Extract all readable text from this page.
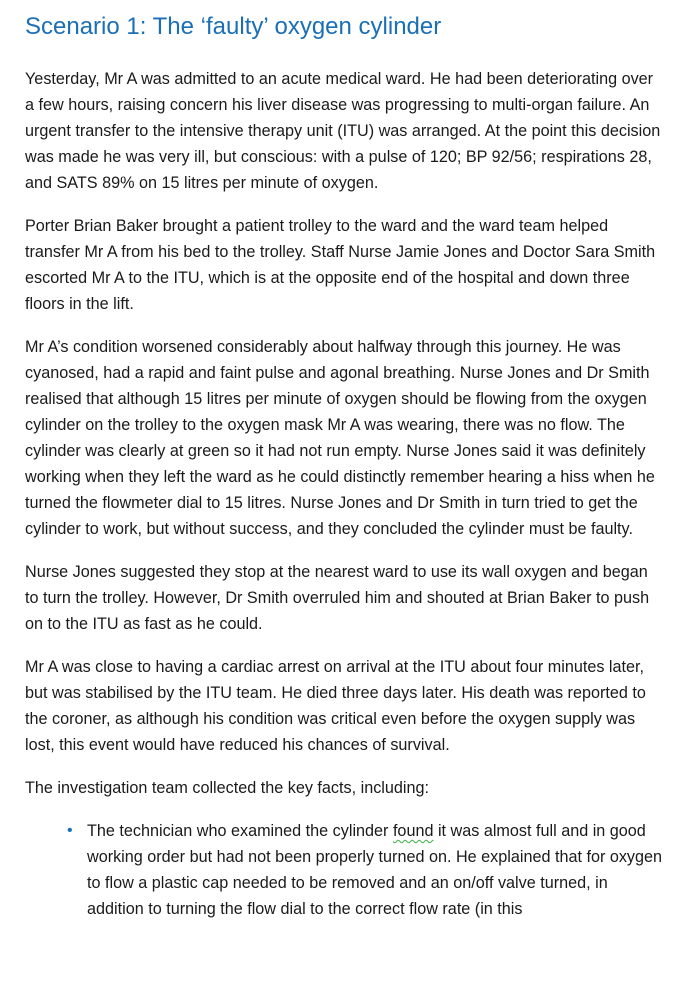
Scenario 1: The ‘faulty’ oxygen cylinder

Yesterday, Mr A was admitted to an acute medical ward. He had been deteriorating over a few hours, raising concern his liver disease was progressing to multi-organ failure. An urgent transfer to the intensive therapy unit (ITU) was arranged. At the point this decision was made he was very ill, but conscious: with a pulse of 120; BP 92/56; respirations 28, and SATS 89% on 15 litres per minute of oxygen.

Porter Brian Baker brought a patient trolley to the ward and the ward team helped transfer Mr A from his bed to the trolley. Staff Nurse Jamie Jones and Doctor Sara Smith escorted Mr A to the ITU, which is at the opposite end of the hospital and down three floors in the lift.

Mr A’s condition worsened considerably about halfway through this journey. He was cyanosed, had a rapid and faint pulse and agonal breathing. Nurse Jones and Dr Smith realised that although 15 litres per minute of oxygen should be flowing from the oxygen cylinder on the trolley to the oxygen mask Mr A was wearing, there was no flow. The cylinder was clearly at green so it had not run empty. Nurse Jones said it was definitely working when they left the ward as he could distinctly remember hearing a hiss when he turned the flowmeter dial to 15 litres. Nurse Jones and Dr Smith in turn tried to get the cylinder to work, but without success, and they concluded the cylinder must be faulty.

Nurse Jones suggested they stop at the nearest ward to use its wall oxygen and began to turn the trolley. However, Dr Smith overruled him and shouted at Brian Baker to push on to the ITU as fast as he could.

Mr A was close to having a cardiac arrest on arrival at the ITU about four minutes later, but was stabilised by the ITU team. He died three days later. His death was reported to the coroner, as although his condition was critical even before the oxygen supply was lost, this event would have reduced his chances of survival.

The investigation team collected the key facts, including:

• The technician who examined the cylinder found it was almost full and in good working order but had not been properly turned on. He explained that for oxygen to flow a plastic cap needed to be removed and an on/off valve turned, in addition to turning the flow dial to the correct flow rate (in this
